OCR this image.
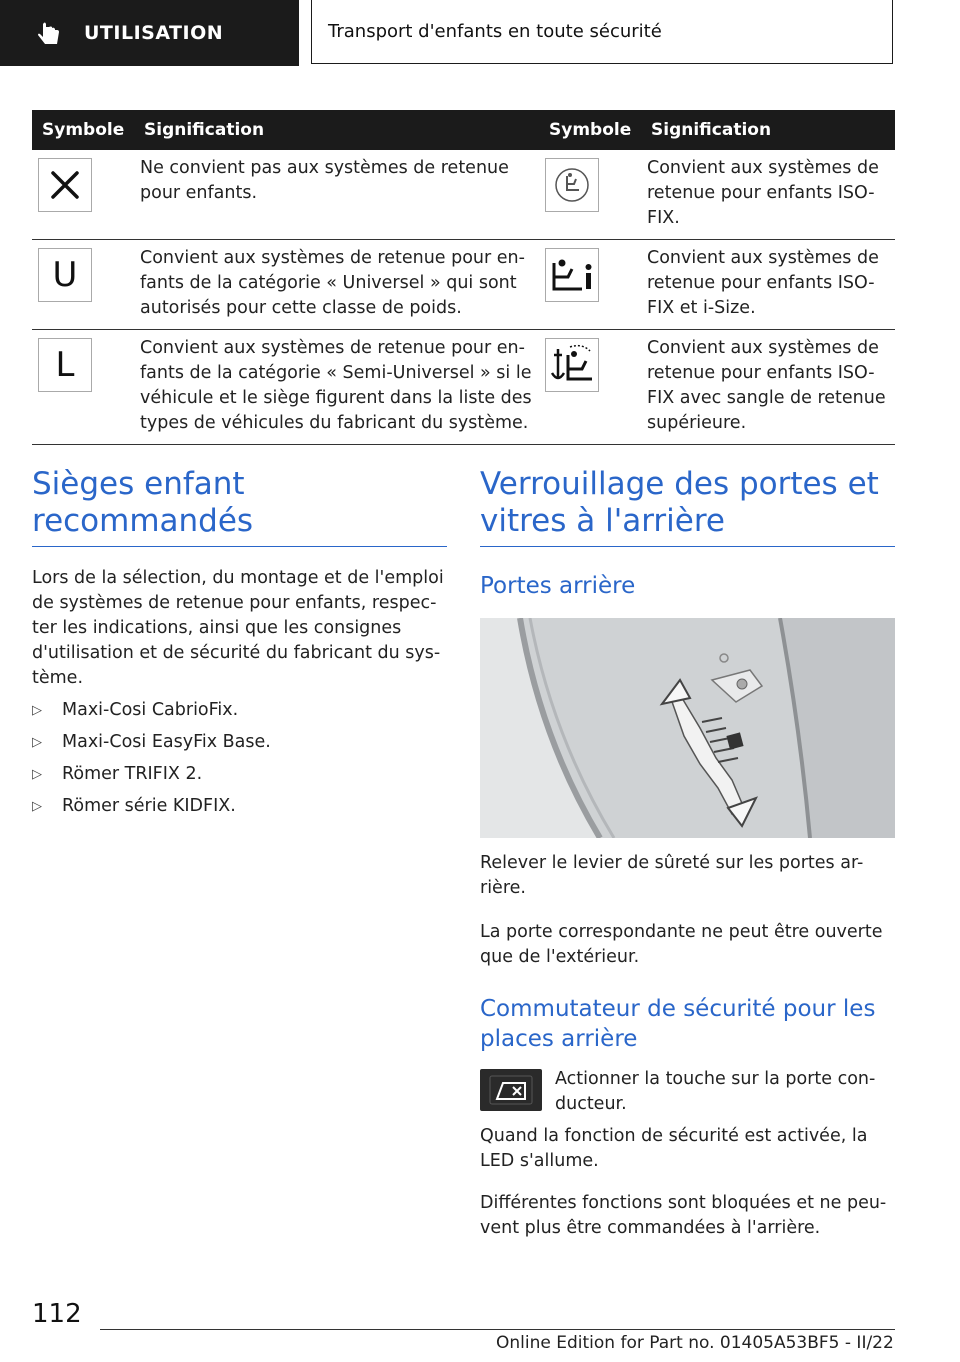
UTILISATION	Transport d'enfants en toute sécurité
Symbole	Signification	Symbole	Signification

	Ne convient pas aux systèmes de retenue pour enfants.		Convient aux systèmes de retenue pour enfants ISO-FIX.

U	Convient aux systèmes de retenue pour en-fants de la catégorie « Universel » qui sont autorisés pour cette classe de poids.		Convient aux systèmes de retenue pour enfants ISO-FIX et i-Size.

L	Convient aux systèmes de retenue pour en-fants de la catégorie « Semi-Universel » si le véhicule et le siège figurent dans la liste des types de véhicules du fabricant du système.		Convient aux systèmes de retenue pour enfants ISO-FIX avec sangle de retenue supérieure.
Sièges enfant
recommandés
Lors de la sélection, du montage et de l'emploi
de systèmes de retenue pour enfants, respec-
ter les indications, ainsi que les consignes
d'utilisation et de sécurité du fabricant du sys-
tème.
▷	Maxi-Cosi CabrioFix.
▷	Maxi-Cosi EasyFix Base.
▷	Römer TRIFIX 2.
▷	Römer série KIDFIX.
Verrouillage des portes et
vitres à l'arrière
Portes arrière
Relever le levier de sûreté sur les portes ar-
rière.
La porte correspondante ne peut être ouverte
que de l'extérieur.
Commutateur de sécurité pour les
places arrière
Actionner la touche sur la porte con-
ducteur.
Quand la fonction de sécurité est activée, la
LED s'allume.
Différentes fonctions sont bloquées et ne peu-
vent plus être commandées à l'arrière.
112
Online Edition for Part no. 01405A53BF5 - II/22
